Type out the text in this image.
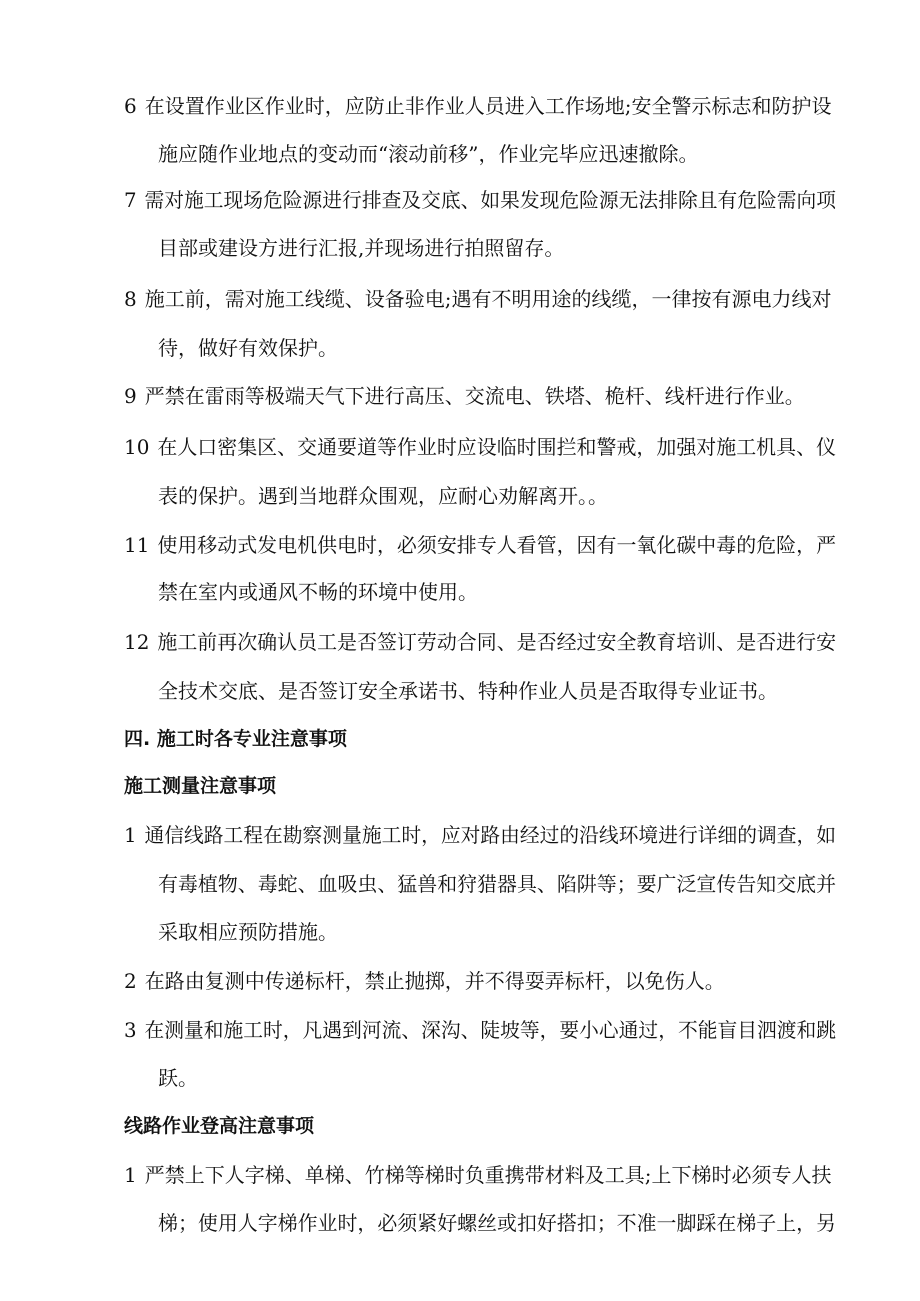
6 在设置作业区作业时，应防止非作业人员进入工作场地;安全警示标志和防护设
施应随作业地点的变动而“滚动前移”，作业完毕应迅速撤除。
7 需对施工现场危险源进行排查及交底、如果发现危险源无法排除且有危险需向项
目部或建设方进行汇报,并现场进行拍照留存。
8 施工前，需对施工线缆、设备验电;遇有不明用途的线缆，一律按有源电力线对
待，做好有效保护。
9 严禁在雷雨等极端天气下进行高压、交流电、铁塔、桅杆、线杆进行作业。
10 在人口密集区、交通要道等作业时应设临时围拦和警戒，加强对施工机具、仪
表的保护。遇到当地群众围观，应耐心劝解离开。。
11 使用移动式发电机供电时，必须安排专人看管，因有一氧化碳中毒的危险，严
禁在室内或通风不畅的环境中使用。
12 施工前再次确认员工是否签订劳动合同、是否经过安全教育培训、是否进行安
全技术交底、是否签订安全承诺书、特种作业人员是否取得专业证书。
四. 施工时各专业注意事项
施工测量注意事项
1 通信线路工程在勘察测量施工时，应对路由经过的沿线环境进行详细的调查，如
有毒植物、毒蛇、血吸虫、猛兽和狩猎器具、陷阱等；要广泛宣传告知交底并
采取相应预防措施。
2 在路由复测中传递标杆，禁止抛掷，并不得耍弄标杆，以免伤人。
3 在测量和施工时，凡遇到河流、深沟、陡坡等，要小心通过，不能盲目泗渡和跳
跃。
线路作业登高注意事项
1 严禁上下人字梯、单梯、竹梯等梯时负重携带材料及工具;上下梯时必须专人扶
梯；使用人字梯作业时，必须紧好螺丝或扣好搭扣；不准一脚踩在梯子上，另
